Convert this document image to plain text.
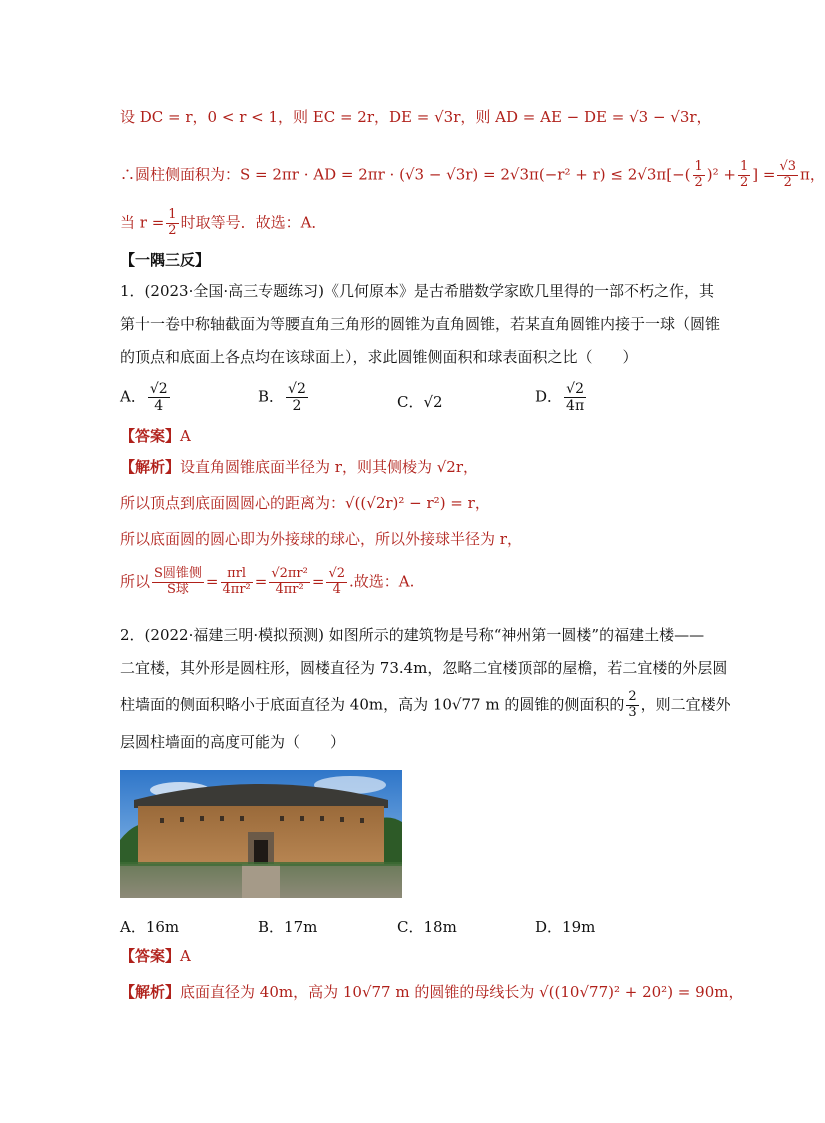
设 DC = r，0 < r < 1，则 EC = 2r，DE = √3r，则 AD = AE − DE = √3 − √3r，
∴圆柱侧面积为：S = 2πr · AD = $2\pi r \cdot (√3 - √3r) = 2√3\pi(-r^2 + r) \le 2√3\pi[-( \frac{1}{2} )^2 + \frac{1}{2}$ ] = $\frac{√3}{2}$ π，
当 $r = \frac{1}{2}$ 时取等号．故选：A．
【一隅三反】
1．(2023·全国·高三专题练习)《几何原本》是古希腊数学家欧几里得的一部不朽之作，其
第十一卷中称轴截面为等腰直角三角形的圆锥为直角圆锥，若某直角圆锥内接于一球（圆锥
的顶点和底面上各点均在该球面上），求此圆锥侧面积和球表面积之比（　　）
A． $\frac{√2}{4}$	B． $\frac{√2}{2}$	C．√2	D． $\frac{√2}{4\pi}$
【答案】A
【解析】设直角圆锥底面半径为 r，则其侧棱为 √2r，
所以顶点到底面圆圆心的距离为：√((√2r)² − r²) = r，
所以底面圆的圆心即为外接球的球心，所以外接球半径为 r，
所以 $\frac{\text{S圆锥侧}}{\text{S球}} = \frac{\text{πrl}}{\text{4πr²}} = \frac{\text{√2πr²}}{\text{4πr²}} = \frac{√2}{4}$ .故选：A.
2．(2022·福建三明·模拟预测) 如图所示的建筑物是号称“神州第一圆楼”的福建土楼——
二宜楼，其外形是圆柱形，圆楼直径为 73.4m，忽略二宜楼顶部的屋檐，若二宜楼的外层圆
柱墙面的侧面积略小于底面直径为 40m，高为 10√77 m 的圆锥的侧面积的 $\frac{2}{3}$ ，则二宜楼外
层圆柱墙面的高度可能为（　　）
A．16m	B．17m	C．18m	D．19m
【答案】A
【解析】底面直径为 40m，高为 10√77 m 的圆锥的母线长为 √((10√77)² + 20²) = 90m，
